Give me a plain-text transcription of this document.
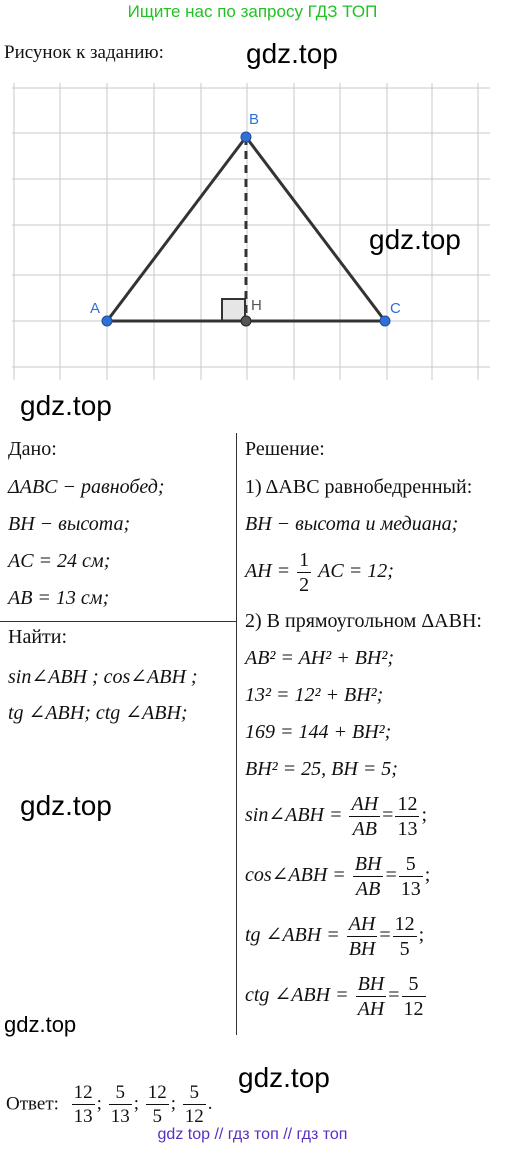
Ищите нас по запросу ГДЗ ТОП
Рисунок к заданию:	gdz.top
A
B
C
H
gdz.top
gdz.top
Дано:
ΔABC − равнобед;
BH − высота;
AC = 24 см;
AB = 13 см;
Найти:
sin∠ABH ; cos∠ABH ;
tg ∠ABH; ctg ∠ABH;
gdz.top
gdz.top
Решение:
1) ΔABC равнобедренный:
BH − высота и медиана;
AH = $\frac{1}{2}$ AC = 12;
2) В прямоугольном ΔABH:
AB² = AH² + BH²;
13² = 12² + BH²;
169 = 144 + BH²;
BH² = 25, BH = 5;
sin∠ABH = $\frac{AH}{AB} = \frac{12}{13}$ ;
cos∠ABH = $\frac{BH}{AB} = \frac{5}{13}$ ;
tg ∠ABH = $\frac{AH}{BH} = \frac{12}{5}$ ;
ctg ∠ABH = $\frac{BH}{AH} = \frac{5}{12}$
Ответ: $\frac{12}{13}$ ; $\frac{5}{13}$ ; $\frac{12}{5}$ ; $\frac{5}{12}$ .
gdz.top
gdz top // гдз топ // гдз топ
